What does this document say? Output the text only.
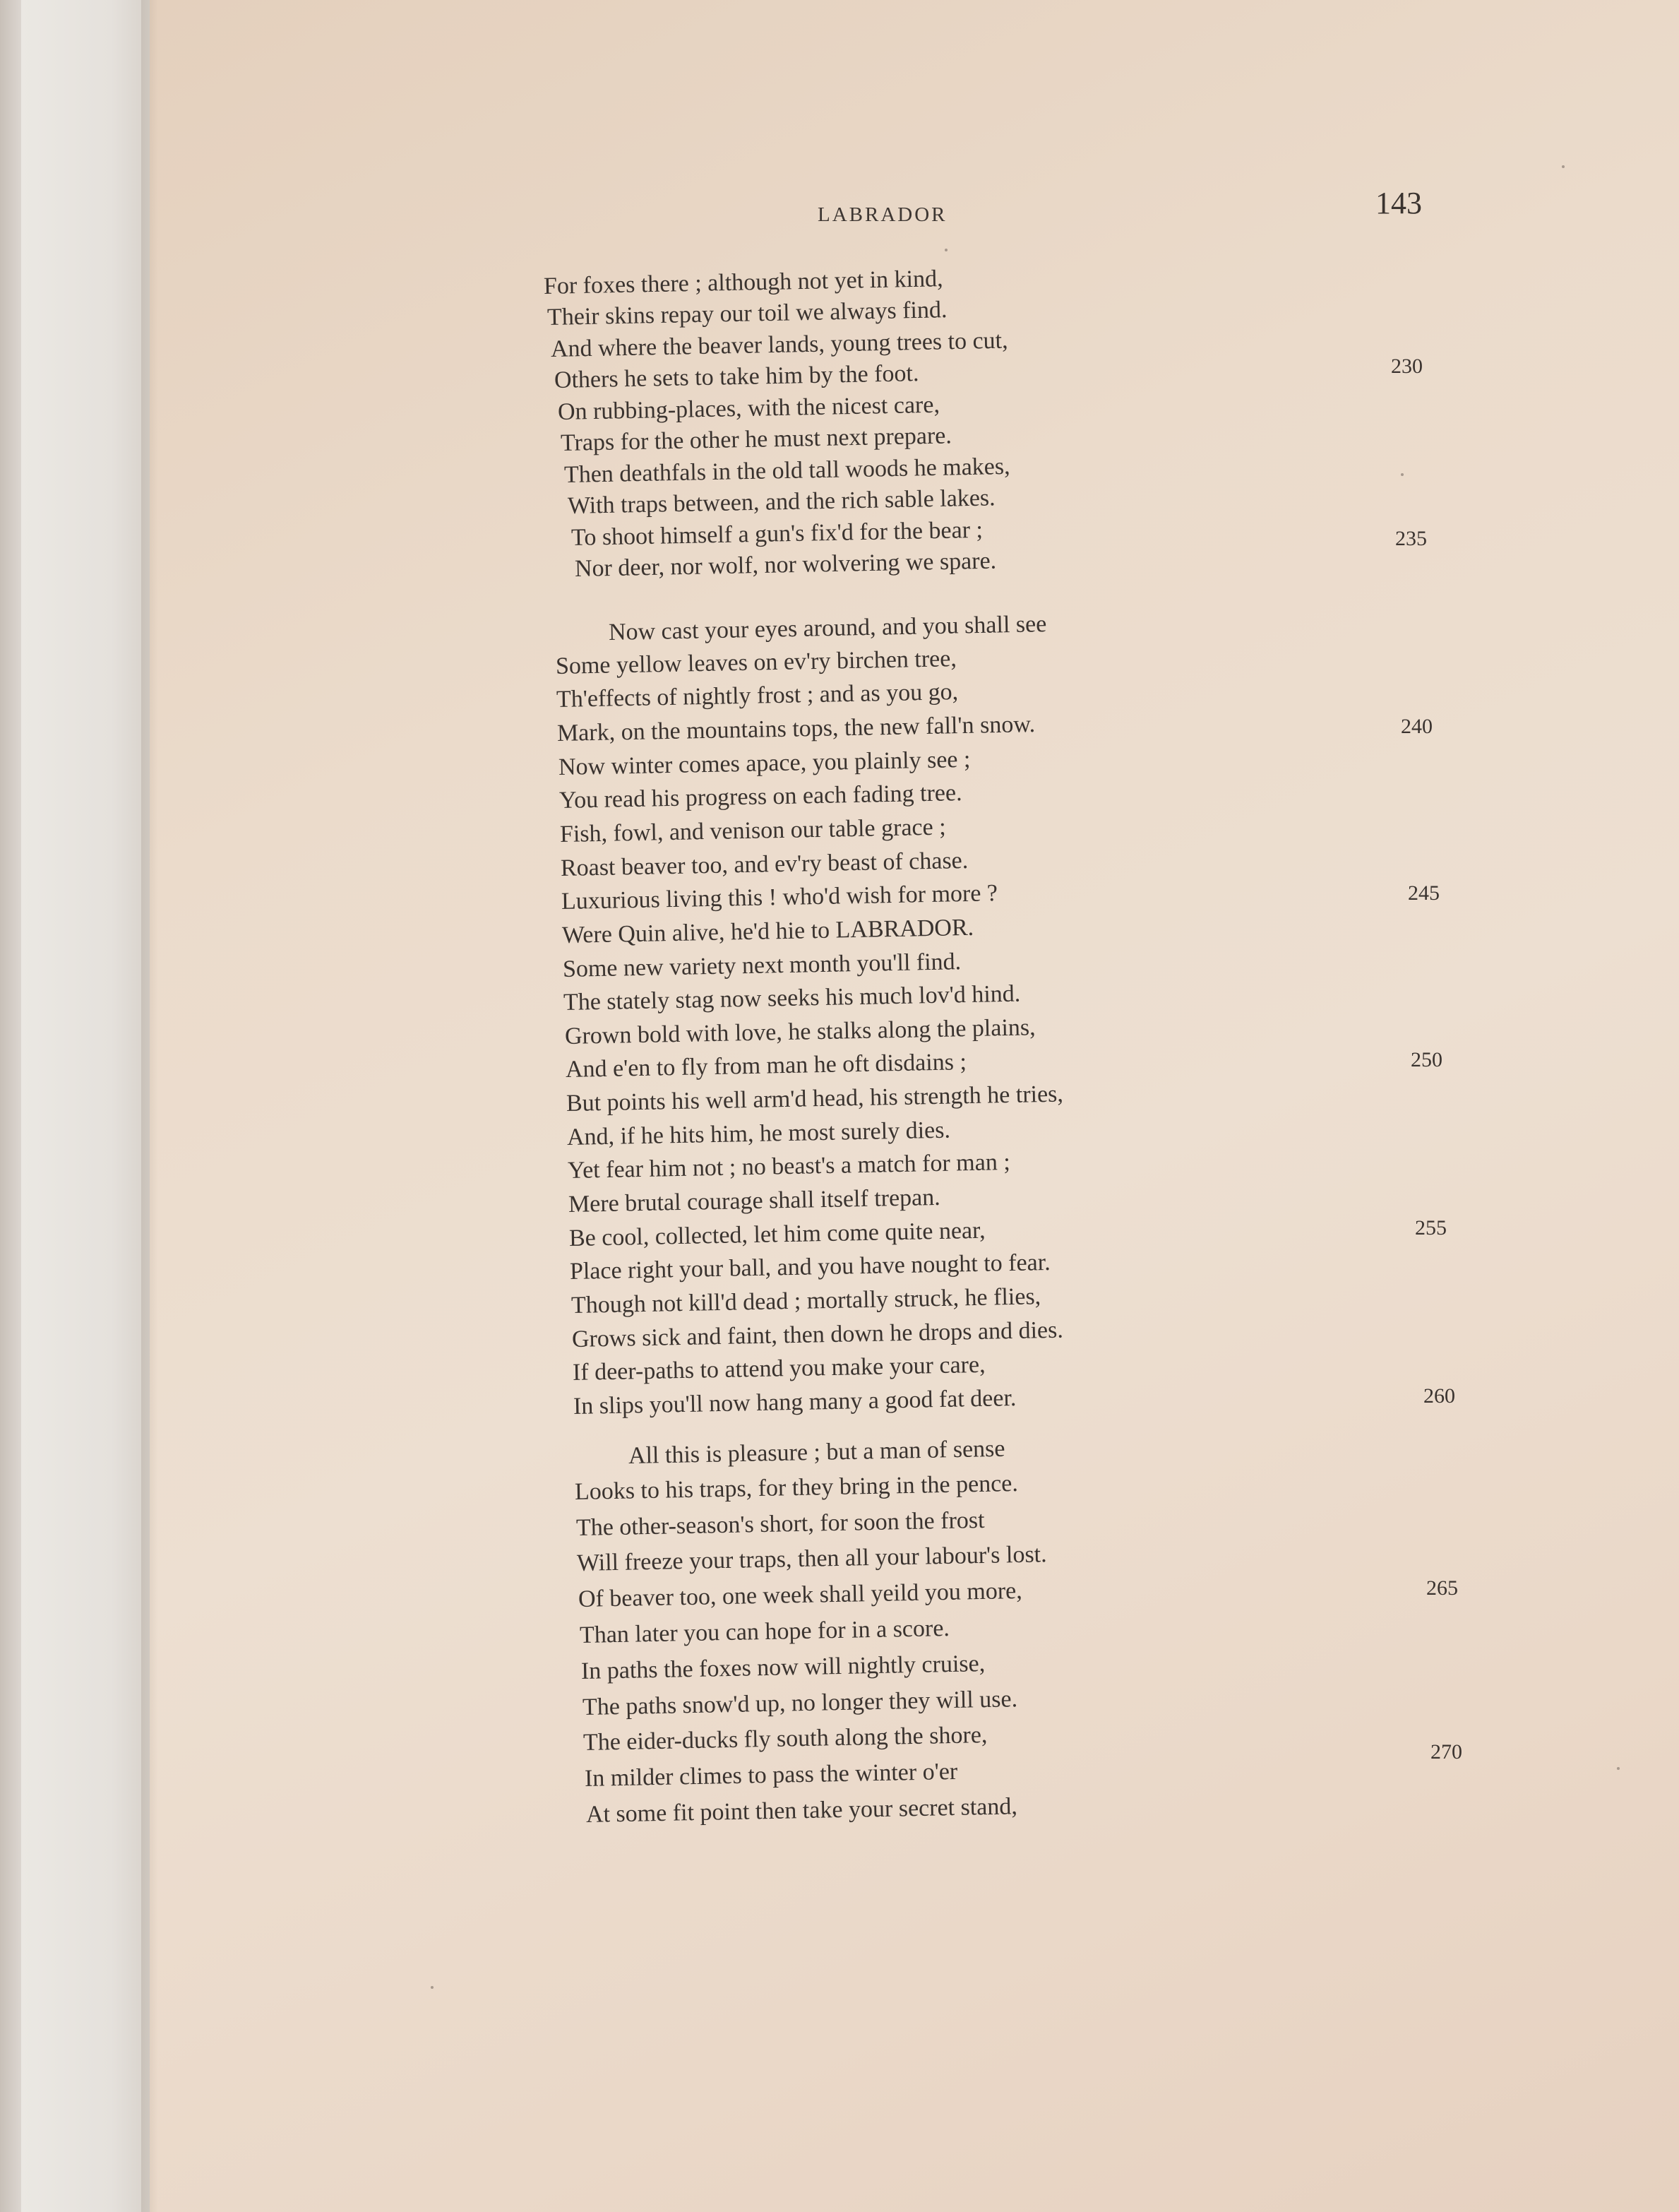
LABRADOR	143
For foxes there ; although not yet in kind,
Their skins repay our toil we always find.
And where the beaver lands, young trees to cut,
Others he sets to take him by the foot.
On rubbing-places, with the nicest care,
Traps for the other he must next prepare.
Then deathfals in the old tall woods he makes,
With traps between, and the rich sable lakes.
To shoot himself a gun's fix'd for the bear ;
Nor deer, nor wolf, nor wolvering we spare.
Now cast your eyes around, and you shall see
Some yellow leaves on ev'ry birchen tree,
Th'effects of nightly frost ; and as you go,
Mark, on the mountains tops, the new fall'n snow.
Now winter comes apace, you plainly see ;
You read his progress on each fading tree.
Fish, fowl, and venison our table grace ;
Roast beaver too, and ev'ry beast of chase.
Luxurious living this ! who'd wish for more ?
Were Quin alive, he'd hie to LABRADOR.
Some new variety next month you'll find.
The stately stag now seeks his much lov'd hind.
Grown bold with love, he stalks along the plains,
And e'en to fly from man he oft disdains ;
But points his well arm'd head, his strength he tries,
And, if he hits him, he most surely dies.
Yet fear him not ; no beast's a match for man ;
Mere brutal courage shall itself trepan.
Be cool, collected, let him come quite near,
Place right your ball, and you have nought to fear.
Though not kill'd dead ; mortally struck, he flies,
Grows sick and faint, then down he drops and dies.
If deer-paths to attend you make your care,
In slips you'll now hang many a good fat deer.
All this is pleasure ; but a man of sense
Looks to his traps, for they bring in the pence.
The other-season's short, for soon the frost
Will freeze your traps, then all your labour's lost.
Of beaver too, one week shall yeild you more,
Than later you can hope for in a score.
In paths the foxes now will nightly cruise,
The paths snow'd up, no longer they will use.
The eider-ducks fly south along the shore,
In milder climes to pass the winter o'er
At some fit point then take your secret stand,
230
235
240
245
250
255
260
265
270
